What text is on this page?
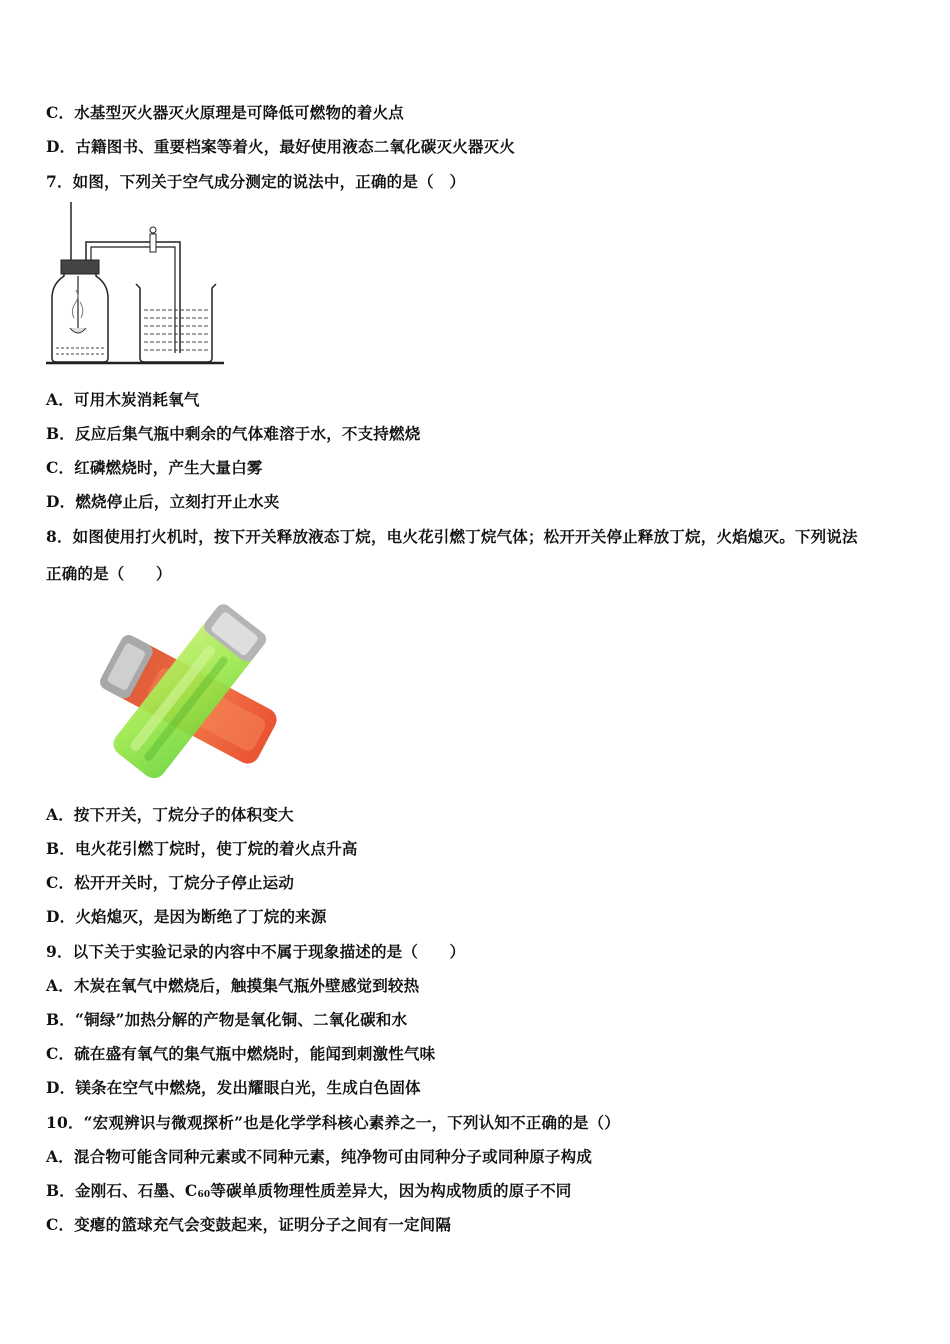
C．水基型灭火器灭火原理是可降低可燃物的着火点
D．古籍图书、重要档案等着火，最好使用液态二氧化碳灭火器灭火
7．如图，下列关于空气成分测定的说法中，正确的是（　）
A．可用木炭消耗氧气
B．反应后集气瓶中剩余的气体难溶于水，不支持燃烧
C．红磷燃烧时，产生大量白雾
D．燃烧停止后，立刻打开止水夹
8．如图使用打火机时，按下开关释放液态丁烷，电火花引燃丁烷气体；松开开关停止释放丁烷，火焰熄灭。下列说法
正确的是（　　）
A．按下开关，丁烷分子的体积变大
B．电火花引燃丁烷时，使丁烷的着火点升高
C．松开开关时，丁烷分子停止运动
D．火焰熄灭，是因为断绝了丁烷的来源
9．以下关于实验记录的内容中不属于现象描述的是（　　）
A．木炭在氧气中燃烧后，触摸集气瓶外壁感觉到较热
B．“铜绿”加热分解的产物是氧化铜、二氧化碳和水
C．硫在盛有氧气的集气瓶中燃烧时，能闻到刺激性气味
D．镁条在空气中燃烧，发出耀眼白光，生成白色固体
10．“宏观辨识与微观探析”也是化学学科核心素养之一，下列认知不正确的是（）
A．混合物可能含同种元素或不同种元素，纯净物可由同种分子或同种原子构成
B．金刚石、石墨、$C_{60}$等碳单质物理性质差异大，因为构成物质的原子不同
C．变瘪的篮球充气会变鼓起来，证明分子之间有一定间隔
